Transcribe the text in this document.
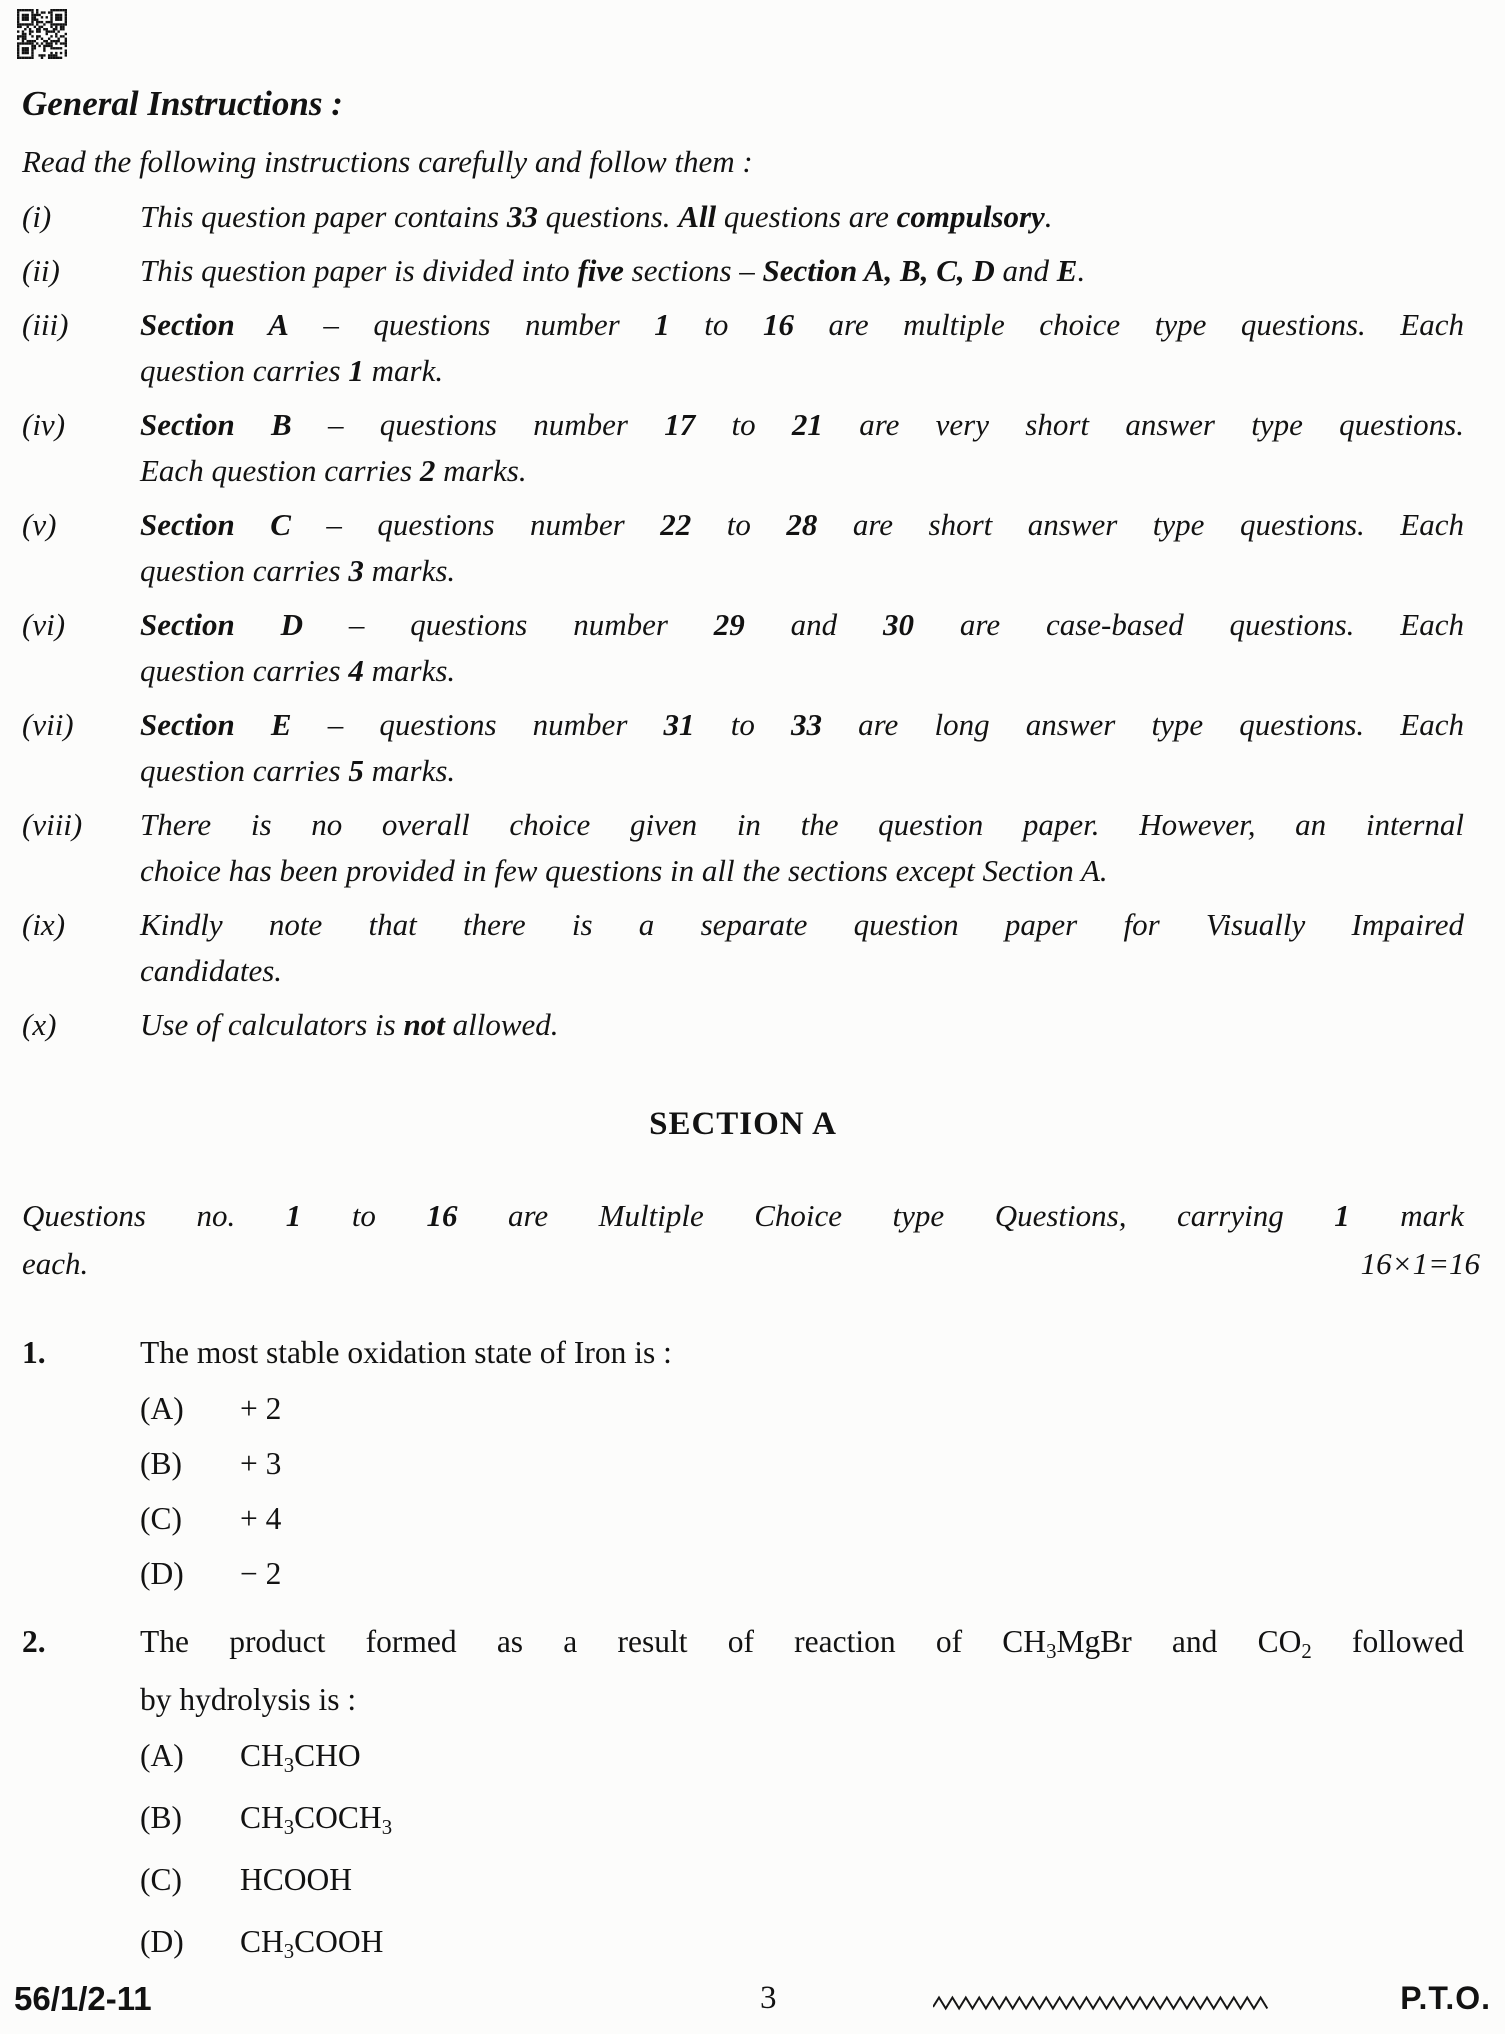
General Instructions :
Read the following instructions carefully and follow them :
(i)	This question paper contains 33 questions. All questions are compulsory.
(ii)	This question paper is divided into five sections – Section A, B, C, D and E.
(iii)	Section A – questions number 1 to 16 are multiple choice type questions. Each
question carries 1 mark.
(iv)	Section B – questions number 17 to 21 are very short answer type questions.
Each question carries 2 marks.
(v)	Section C – questions number 22 to 28 are short answer type questions. Each
question carries 3 marks.
(vi)	Section D – questions number 29 and 30 are case-based questions. Each
question carries 4 marks.
(vii)	Section E – questions number 31 to 33 are long answer type questions. Each
question carries 5 marks.
(viii)	There is no overall choice given in the question paper. However, an internal
choice has been provided in few questions in all the sections except Section A.
(ix)	Kindly note that there is a separate question paper for Visually Impaired
candidates.
(x)	Use of calculators is not allowed.
SECTION A
Questions no. 1 to 16 are Multiple Choice type Questions, carrying 1 mark
each.	16×1=16
1.	The most stable oxidation state of Iron is :
(A)	+ 2
(B)	+ 3
(C)	+ 4
(D)	− 2
2.	The product formed as a result of reaction of $CH_3MgBr$ and $CO_2$ followed
by hydrolysis is :
(A)	$CH_3CHO$
(B)	$CH_3COCH_3$
(C)	HCOOH
(D)	$CH_3COOH$
56/1/2-11	3	P.T.O.
